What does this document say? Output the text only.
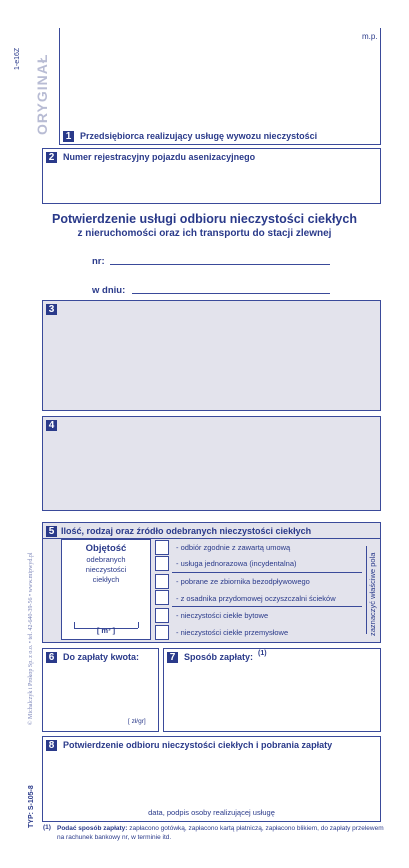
1-e16Z ORYGINAŁ
© Michalczyk i Prokop Sp. z o.o. • tel. 42-640-39-56 • www.mipwyd.pl
TYP: S-105-8
m.p.
1 Przedsiębiorca realizujący usługę wywozu nieczystości
2 Numer rejestracyjny pojazdu asenizacyjnego
Potwierdzenie usługi odbioru nieczystości ciekłych
z nieruchomości oraz ich transportu do stacji zlewnej
nr:
w dniu:
3
4
5 Ilość, rodzaj oraz źródło odebranych nieczystości ciekłych
Objętość
odebranych
nieczystości
ciekłych
[ m³ ]
- odbiór zgodnie z zawartą umową
- usługa jednorazowa (incydentalna)
- pobrane ze zbiornika bezodpływowego
- z osadnika przydomowej oczyszczalni ścieków
- nieczystości ciekłe bytowe
- nieczystości ciekłe przemysłowe	zaznaczyć właściwe pola
6 Do zapłaty kwota:
[ zł/gr]
7 Sposób zapłaty: (1)
8 Potwierdzenie odbioru nieczystości ciekłych i pobrania zapłaty
data, podpis osoby realizującej usługę
(1) Podać sposób zapłaty: zapłacono gotówką, zapłacono kartą płatniczą, zapłacono blikiem, do zapłaty przelewem
na rachunek bankowy nr, w terminie itd.
